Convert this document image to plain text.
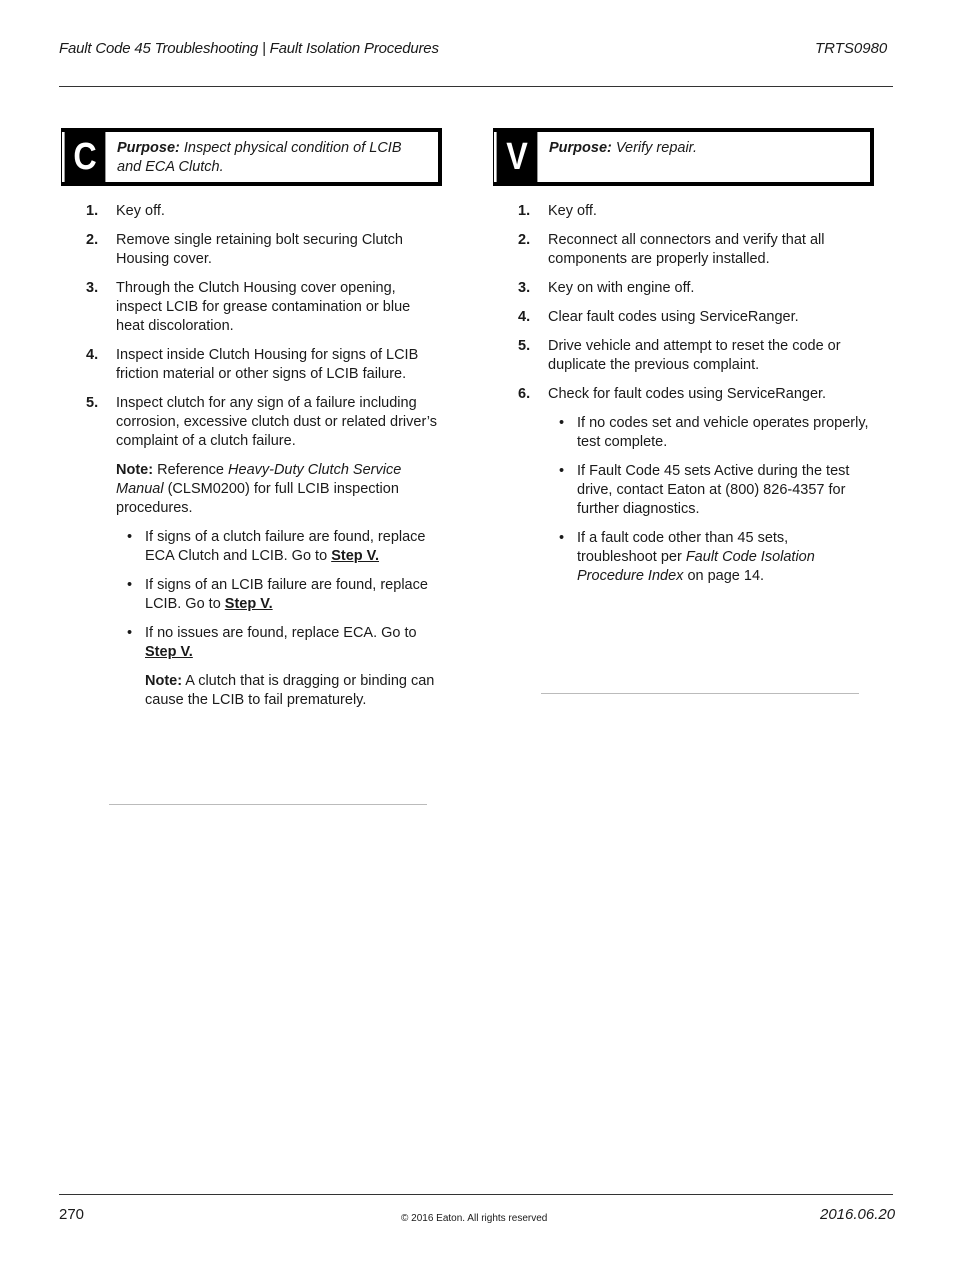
Fault Code 45 Troubleshooting | Fault Isolation Procedures	TRTS0980
C	Purpose: Inspect physical condition of LCIB and ECA Clutch.
1. Key off.
2. Remove single retaining bolt securing Clutch Housing cover.
3. Through the Clutch Housing cover opening, inspect LCIB for grease contamination or blue heat discoloration.
4. Inspect inside Clutch Housing for signs of LCIB friction material or other signs of LCIB failure.
5. Inspect clutch for any sign of a failure including corrosion, excessive clutch dust or related driver’s complaint of a clutch failure.
Note: Reference Heavy-Duty Clutch Service Manual (CLSM0200) for full LCIB inspection procedures.
• If signs of a clutch failure are found, replace ECA Clutch and LCIB. Go to Step V.
• If signs of an LCIB failure are found, replace LCIB. Go to Step V.
• If no issues are found, replace ECA. Go to Step V.
Note: A clutch that is dragging or binding can cause the LCIB to fail prematurely.
V	Purpose: Verify repair.
1. Key off.
2. Reconnect all connectors and verify that all components are properly installed.
3. Key on with engine off.
4. Clear fault codes using ServiceRanger.
5. Drive vehicle and attempt to reset the code or duplicate the previous complaint.
6. Check for fault codes using ServiceRanger.
• If no codes set and vehicle operates properly, test complete.
• If Fault Code 45 sets Active during the test drive, contact Eaton at (800) 826-4357 for further diagnostics.
• If a fault code other than 45 sets, troubleshoot per Fault Code Isolation Procedure Index on page 14.
270	© 2016 Eaton. All rights reserved	2016.06.20
